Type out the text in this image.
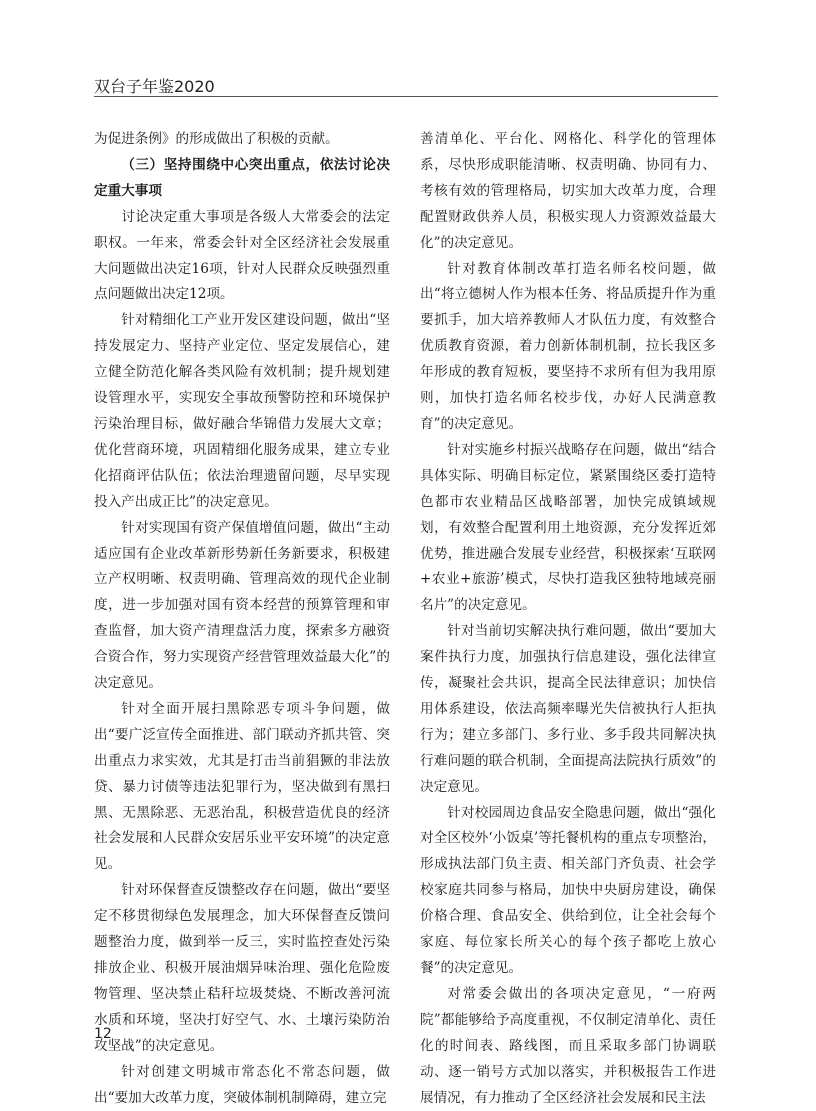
双台子年鉴2020

为促进条例》的形成做出了积极的贡献。

（三）坚持围绕中心突出重点，依法讨论决定重大事项

讨论决定重大事项是各级人大常委会的法定职权。一年来，常委会针对全区经济社会发展重大问题做出决定16项，针对人民群众反映强烈重点问题做出决定12项。

针对精细化工产业开发区建设问题，做出“坚持发展定力、坚持产业定位、坚定发展信心，建立健全防范化解各类风险有效机制；提升规划建设管理水平，实现安全事故预警防控和环境保护污染治理目标，做好融合华锦借力发展大文章；优化营商环境，巩固精细化服务成果，建立专业化招商评估队伍；依法治理遗留问题，尽早实现投入产出成正比”的决定意见。

针对实现国有资产保值增值问题，做出“主动适应国有企业改革新形势新任务新要求，积极建立产权明晰、权责明确、管理高效的现代企业制度，进一步加强对国有资本经营的预算管理和审查监督，加大资产清理盘活力度，探索多方融资合资合作，努力实现资产经营管理效益最大化”的决定意见。

针对全面开展扫黑除恶专项斗争问题，做出“要广泛宣传全面推进、部门联动齐抓共管、突出重点力求实效，尤其是打击当前猖獗的非法放贷、暴力讨债等违法犯罪行为，坚决做到有黑扫黑、无黑除恶、无恶治乱，积极营造优良的经济社会发展和人民群众安居乐业平安环境”的决定意见。

针对环保督查反馈整改存在问题，做出“要坚定不移贯彻绿色发展理念，加大环保督查反馈问题整治力度，做到举一反三，实时监控查处污染排放企业、积极开展油烟异味治理、强化危险废物管理、坚决禁止秸秆垃圾焚烧、不断改善河流水质和环境，坚决打好空气、水、土壤污染防治攻坚战”的决定意见。

针对创建文明城市常态化不常态问题，做出“要加大改革力度，突破体制机制障碍，建立完

善清单化、平台化、网格化、科学化的管理体系，尽快形成职能清晰、权责明确、协同有力、考核有效的管理格局，切实加大改革力度，合理配置财政供养人员，积极实现人力资源效益最大化”的决定意见。

针对教育体制改革打造名师名校问题，做出“将立德树人作为根本任务、将品质提升作为重要抓手，加大培养教师人才队伍力度，有效整合优质教育资源，着力创新体制机制，拉长我区多年形成的教育短板，要坚持不求所有但为我用原则，加快打造名师名校步伐，办好人民满意教育”的决定意见。

针对实施乡村振兴战略存在问题，做出“结合具体实际、明确目标定位，紧紧围绕区委打造特色都市农业精品区战略部署，加快完成镇域规划，有效整合配置利用土地资源，充分发挥近郊优势，推进融合发展专业经营，积极探索‘互联网+农业+旅游’模式，尽快打造我区独特地域亮丽名片”的决定意见。

针对当前切实解决执行难问题，做出“要加大案件执行力度，加强执行信息建设，强化法律宣传，凝聚社会共识，提高全民法律意识；加快信用体系建设，依法高频率曝光失信被执行人拒执行为；建立多部门、多行业、多手段共同解决执行难问题的联合机制，全面提高法院执行质效”的决定意见。

针对校园周边食品安全隐患问题，做出“强化对全区校外‘小饭桌’等托餐机构的重点专项整治，形成执法部门负主责、相关部门齐负责、社会学校家庭共同参与格局，加快中央厨房建设，确保价格合理、食品安全、供给到位，让全社会每个家庭、每位家长所关心的每个孩子都吃上放心餐”的决定意见。

对常委会做出的各项决定意见，“一府两院”都能够给予高度重视，不仅制定清单化、责任化的时间表、路线图，而且采取多部门协调联动、逐一销号方式加以落实，并积极报告工作进展情况，有力推动了全区经济社会发展和民主法

12
